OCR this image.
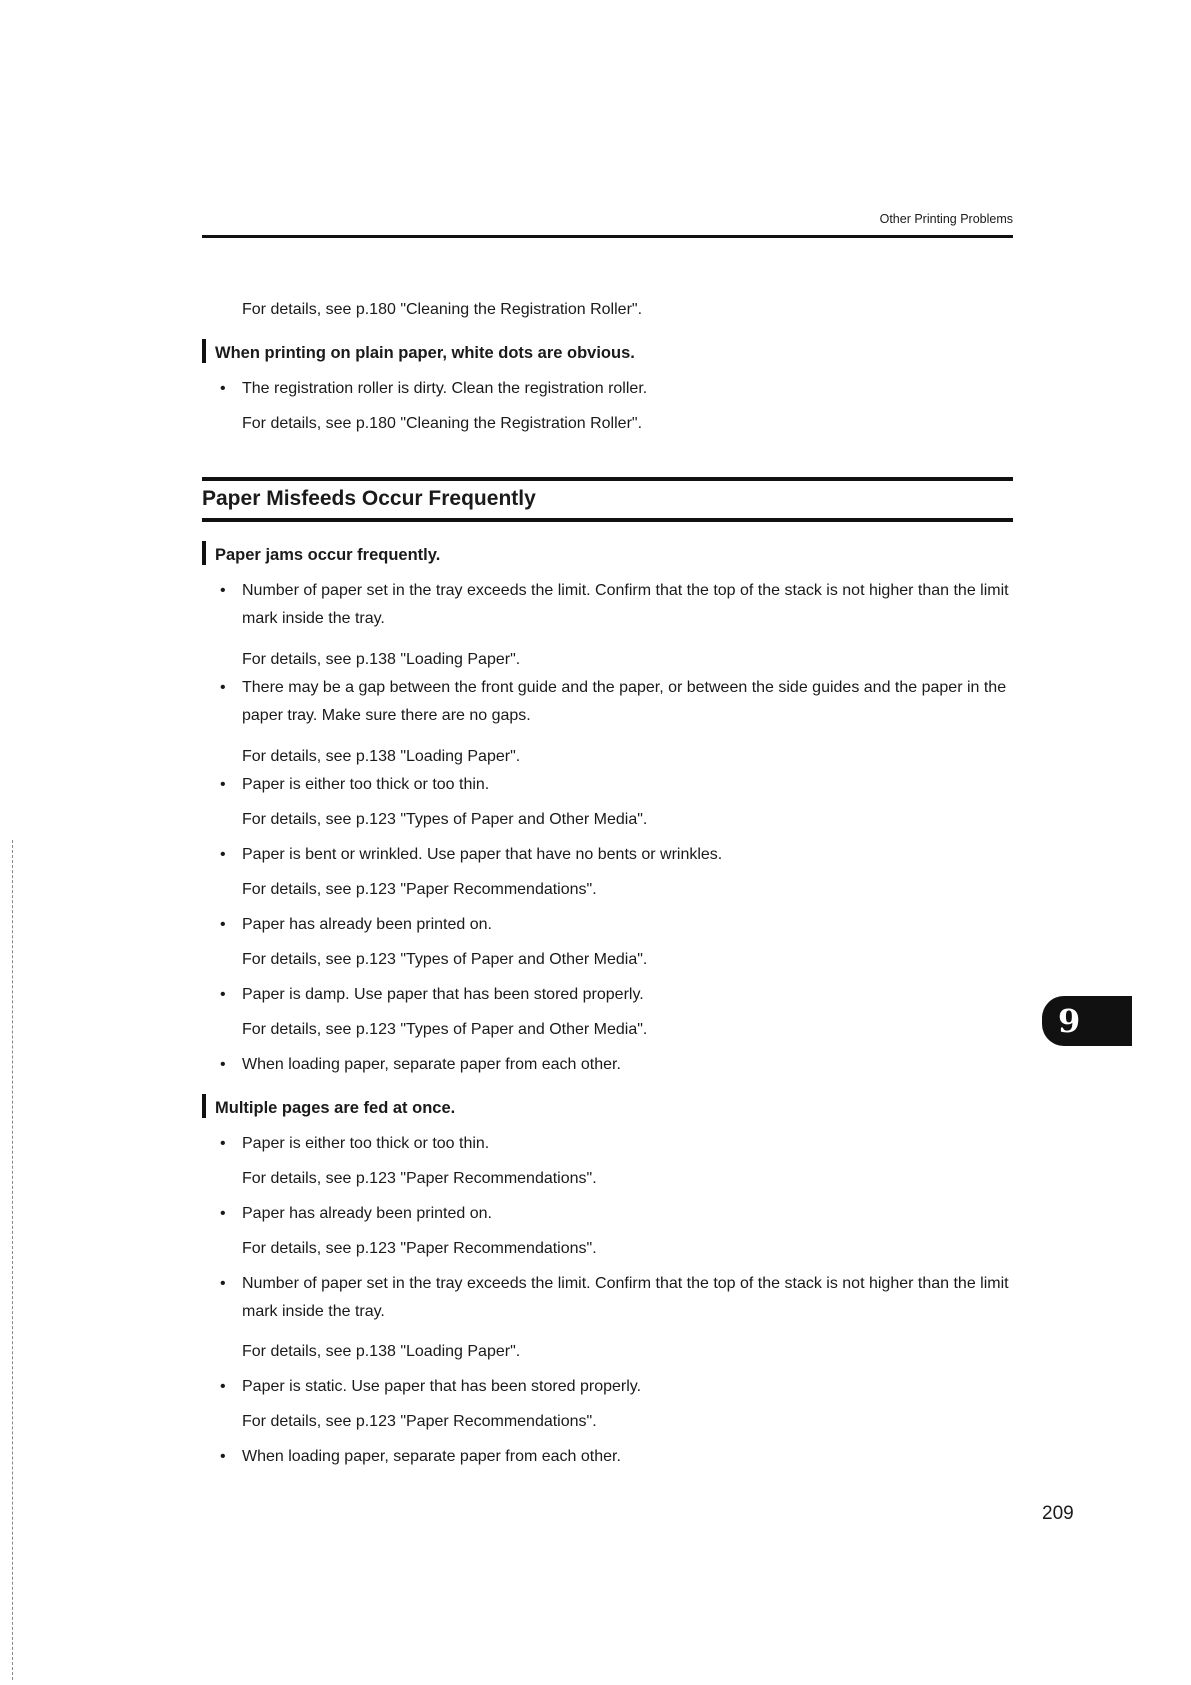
Other Printing Problems
For details, see p.180 "Cleaning the Registration Roller".
When printing on plain paper, white dots are obvious.
• The registration roller is dirty. Clean the registration roller.
For details, see p.180 "Cleaning the Registration Roller".
Paper jams occur frequently.
• Number of paper set in the tray exceeds the limit. Confirm that the top of the stack is not higher than the limit mark inside the tray.
For details, see p.138 "Loading Paper".
• There may be a gap between the front guide and the paper, or between the side guides and the paper in the paper tray. Make sure there are no gaps.
For details, see p.138 "Loading Paper".
• Paper is either too thick or too thin.
For details, see p.123 "Types of Paper and Other Media".
• Paper is bent or wrinkled. Use paper that have no bents or wrinkles.
For details, see p.123 "Paper Recommendations".
• Paper has already been printed on.
For details, see p.123 "Types of Paper and Other Media".
• Paper is damp. Use paper that has been stored properly.
For details, see p.123 "Types of Paper and Other Media".
• When loading paper, separate paper from each other.
Multiple pages are fed at once.
• Paper is either too thick or too thin.
For details, see p.123 "Paper Recommendations".
• Paper has already been printed on.
For details, see p.123 "Paper Recommendations".
• Number of paper set in the tray exceeds the limit. Confirm that the top of the stack is not higher than the limit mark inside the tray.
For details, see p.138 "Loading Paper".
• Paper is static. Use paper that has been stored properly.
For details, see p.123 "Paper Recommendations".
• When loading paper, separate paper from each other.
Paper Misfeeds Occur Frequently
9
209
